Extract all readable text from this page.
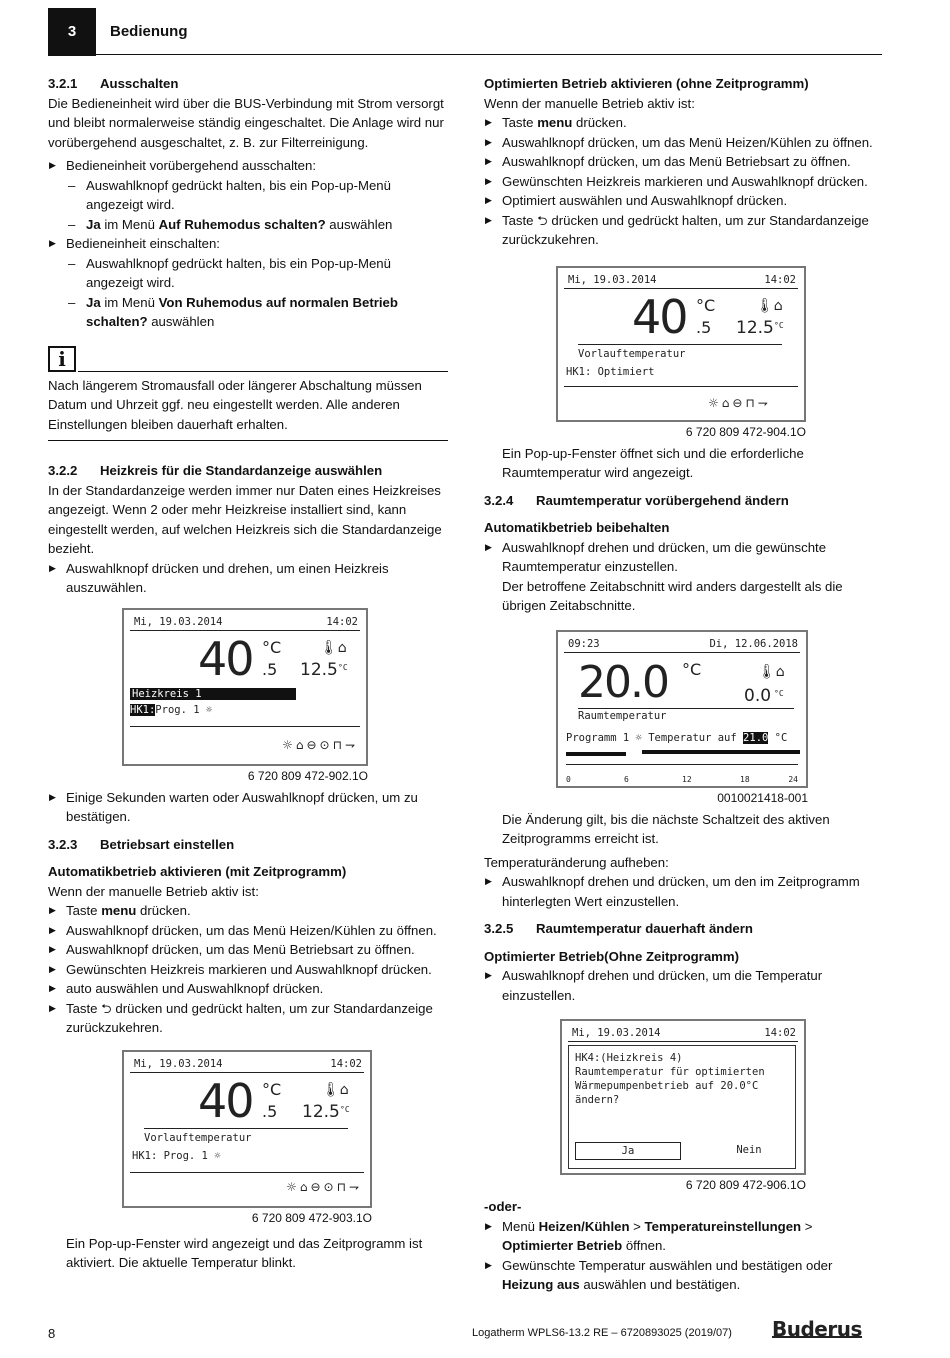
3	Bedienung
3.2.1 Ausschalten

Die Bedieneinheit wird über die BUS-Verbindung mit Strom versorgt und bleibt normalerweise ständig eingeschaltet. Die Anlage wird nur vorübergehend ausgeschaltet, z. B. zur Filterreinigung.

▶ Bedieneinheit vorübergehend ausschalten:
– Auswahlknopf gedrückt halten, bis ein Pop-up-Menü angezeigt wird.
– Ja im Menü Auf Ruhemodus schalten? auswählen
▶ Bedieneinheit einschalten:
– Auswahlknopf gedrückt halten, bis ein Pop-up-Menü angezeigt wird.
– Ja im Menü Von Ruhemodus auf normalen Betrieb schalten? auswählen
i
Nach längerem Stromausfall oder längerer Abschaltung müssen Datum und Uhrzeit ggf. neu eingestellt werden. Alle anderen Einstellungen bleiben dauerhaft erhalten.
3.2.2 Heizkreis für die Standardanzeige auswählen

In der Standardanzeige werden immer nur Daten eines Heizkreises angezeigt. Wenn 2 oder mehr Heizkreise installiert sind, kann eingestellt werden, auf welchen Heizkreis sich die Standardanzeige bezieht.

▶ Auswahlknopf drücken und drehen, um einen Heizkreis auszuwählen.
Mi, 19.03.2014	14:02
40 °C
.5 12.5 °C
🌡⌂
Heizkreis 1
HK1:Prog. 1 ☼
☼⌂⊖⊙⊓⇁
6 720 809 472-902.1O
▶ Einige Sekunden warten oder Auswahlknopf drücken, um zu bestätigen.
3.2.3 Betriebsart einstellen
Automatikbetrieb aktivieren (mit Zeitprogramm)

Wenn der manuelle Betrieb aktiv ist:

▶ Taste menu drücken.
▶ Auswahlknopf drücken, um das Menü Heizen/Kühlen zu öffnen.
▶ Auswahlknopf drücken, um das Menü Betriebsart zu öffnen.
▶ Gewünschten Heizkreis markieren und Auswahlknopf drücken.
▶ auto auswählen und Auswahlknopf drücken.
▶ Taste ⮌ drücken und gedrückt halten, um zur Standardanzeige zurückzukehren.
Mi, 19.03.2014	14:02
40 °C
.5 12.5 °C
🌡⌂
Vorlauftemperatur
HK1: Prog. 1 ☼
☼⌂⊖⊙⊓⇁
6 720 809 472-903.1O

Ein Pop-up-Fenster wird angezeigt und das Zeitprogramm ist aktiviert. Die aktuelle Temperatur blinkt.

Optimierten Betrieb aktivieren (ohne Zeitprogramm)

Wenn der manuelle Betrieb aktiv ist:

▶ Taste menu drücken.
▶ Auswahlknopf drücken, um das Menü Heizen/Kühlen zu öffnen.
▶ Auswahlknopf drücken, um das Menü Betriebsart zu öffnen.
▶ Gewünschten Heizkreis markieren und Auswahlknopf drücken.
▶ Optimiert auswählen und Auswahlknopf drücken.
▶ Taste ⮌ drücken und gedrückt halten, um zur Standardanzeige zurückzukehren.
Mi, 19.03.2014	14:02
40 °C
.5 12.5 °C
🌡⌂
Vorlauftemperatur
HK1: Optimiert
☼⌂⊖⊓⇁
6 720 809 472-904.1O

Ein Pop-up-Fenster öffnet sich und die erforderliche Raumtemperatur wird angezeigt.

3.2.4 Raumtemperatur vorübergehend ändern
Automatikbetrieb beibehalten
▶ Auswahlknopf drehen und drücken, um die gewünschte Raumtemperatur einzustellen.

Der betroffene Zeitabschnitt wird anders dargestellt als die übrigen Zeitabschnitte.

09:23	Di, 12.06.2018
20.0 °C
0.0 °C
🌡⌂
Raumtemperatur
Programm 1 ☼ Temperatur auf 21.0 °C
0	6	12	18	24
0010021418-001

Die Änderung gilt, bis die nächste Schaltzeit des aktiven Zeitprogramms erreicht ist.

Temperaturänderung aufheben:

▶ Auswahlknopf drehen und drücken, um den im Zeitprogramm hinterlegten Wert einzustellen.
3.2.5 Raumtemperatur dauerhaft ändern
Optimierter Betrieb(Ohne Zeitprogramm)
▶ Auswahlknopf drehen und drücken, um die Temperatur einzustellen.
Mi, 19.03.2014	14:02
HK4:(Heizkreis 4)
Raumtemperatur für optimierten
Wärmepumpenbetrieb auf 20.0°C
ändern?
Ja	Nein
6 720 809 472-906.1O
-oder-
▶ Menü Heizen/Kühlen > Temperatureinstellungen > Optimierter Betrieb öffnen.
▶ Gewünschte Temperatur auswählen und bestätigen oder Heizung aus auswählen und bestätigen.
8	Logatherm WPLS6-13.2 RE – 6720893025 (2019/07) Buderus
